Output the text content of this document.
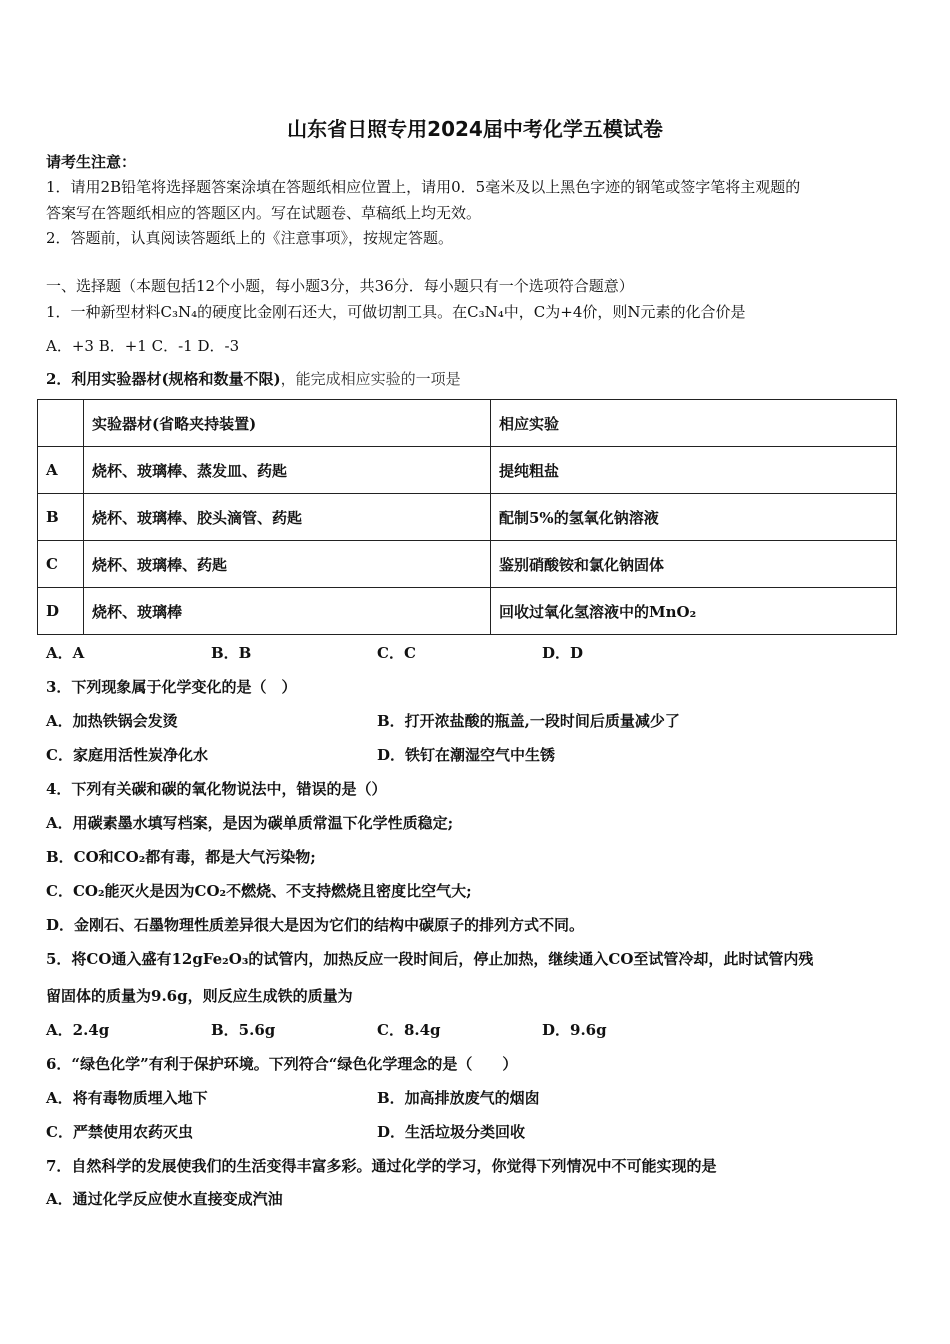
山东省日照专用2024届中考化学五模试卷
请考生注意：
1．请用2B铅笔将选择题答案涂填在答题纸相应位置上，请用0．5毫米及以上黑色字迹的钢笔或签字笔将主观题的
答案写在答题纸相应的答题区内。写在试题卷、草稿纸上均无效。
2．答题前，认真阅读答题纸上的《注意事项》，按规定答题。
一、选择题（本题包括12个小题，每小题3分，共36分．每小题只有一个选项符合题意）
1．一种新型材料C₃N₄的硬度比金刚石还大，可做切割工具。在C₃N₄中，C为+4价，则N元素的化合价是
A．+3 B．+1 C．-1 D．-3
2．利用实验器材(规格和数量不限)，能完成相应实验的一项是
	实验器材(省略夹持装置)	相应实验
A	烧杯、玻璃棒、蒸发皿、药匙	提纯粗盐
B	烧杯、玻璃棒、胶头滴管、药匙	配制5%的氢氧化钠溶液
C	烧杯、玻璃棒、药匙	鉴别硝酸铵和氯化钠固体
D	烧杯、玻璃棒	回收过氧化氢溶液中的MnO₂
A．A	B．B	C．C	D．D
3．下列现象属于化学变化的是（　）
A．加热铁锅会发烫	B．打开浓盐酸的瓶盖,一段时间后质量减少了
C．家庭用活性炭净化水	D．铁钉在潮湿空气中生锈
4．下列有关碳和碳的氧化物说法中，错误的是（）
A．用碳素墨水填写档案，是因为碳单质常温下化学性质稳定;
B．CO和CO₂都有毒，都是大气污染物;
C．CO₂能灭火是因为CO₂不燃烧、不支持燃烧且密度比空气大;
D．金刚石、石墨物理性质差异很大是因为它们的结构中碳原子的排列方式不同。
5．将CO通入盛有12gFe₂O₃的试管内，加热反应一段时间后，停止加热，继续通入CO至试管冷却，此时试管内残
留固体的质量为9.6g，则反应生成铁的质量为
A．2.4g	B．5.6g	C．8.4g	D．9.6g
6．“绿色化学”有利于保护环境。下列符合“绿色化学理念的是（　　）
A．将有毒物质埋入地下	B．加高排放废气的烟囱
C．严禁使用农药灭虫	D．生活垃圾分类回收
7．自然科学的发展使我们的生活变得丰富多彩。通过化学的学习，你觉得下列情况中不可能实现的是
A．通过化学反应使水直接变成汽油
